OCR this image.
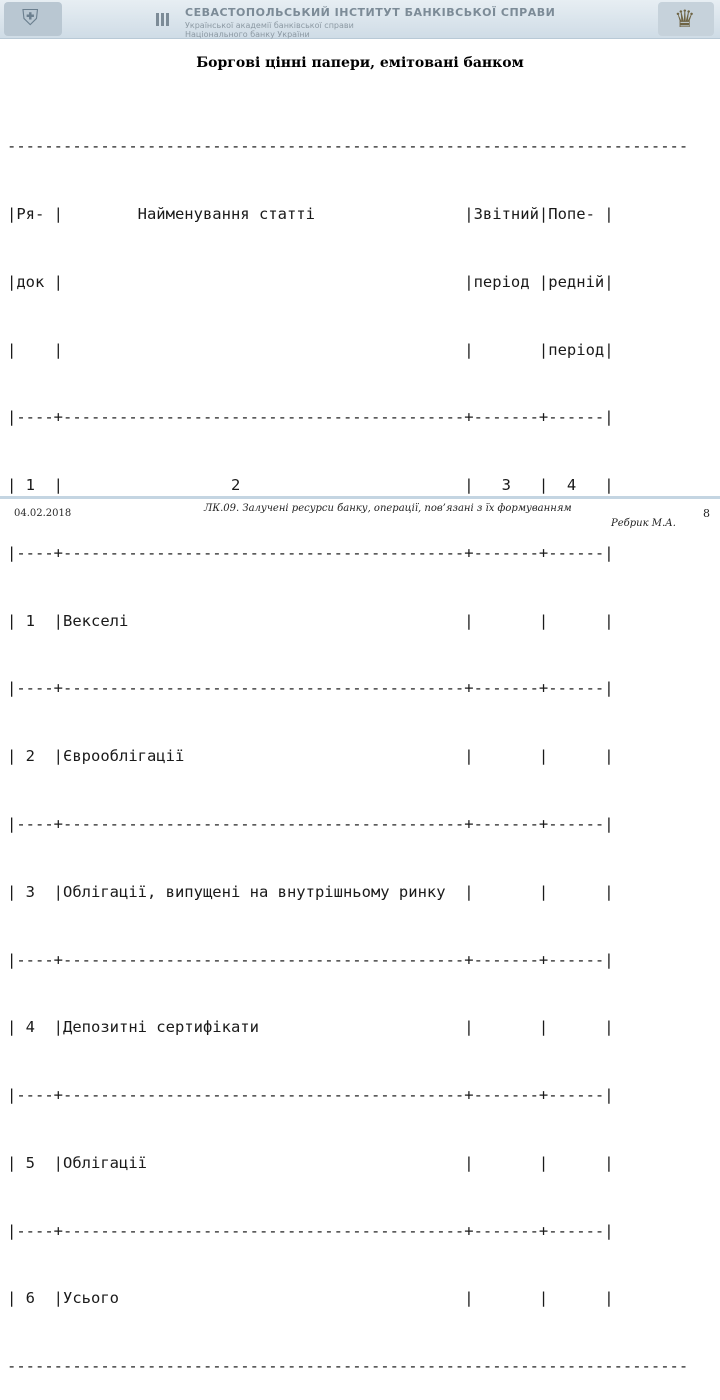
⛨
СЕВАСТОПОЛЬСЬКИЙ ІНСТИТУТ БАНКІВСЬКОЇ СПРАВИ
Української академії банківської справи
Національного банку України
♛
Боргові цінні папери, емітовані банком

-------------------------------------------------------------------------

|Ря- |        Найменування статті                |Звітний|Попе- |

|док |                                           |період |редній|

|    |                                           |       |період|

|----+-------------------------------------------+-------+------|

| 1  |                  2                        |   3   |  4   |

|----+-------------------------------------------+-------+------|

| 1  |Векселі                                    |       |      |

|----+-------------------------------------------+-------+------|

| 2  |Єврооблігації                              |       |      |

|----+-------------------------------------------+-------+------|

| 3  |Облігації, випущені на внутрішньому ринку  |       |      |

|----+-------------------------------------------+-------+------|

| 4  |Депозитні сертифікати                      |       |      |

|----+-------------------------------------------+-------+------|

| 5  |Облігації                                  |       |      |

|----+-------------------------------------------+-------+------|

| 6  |Усього                                     |       |      |

-------------------------------------------------------------------------

04.02.2018	ЛК.09. Залучені ресурси банку, операції, пов’язані з їх формуванням
Ребрик М.А.
8
